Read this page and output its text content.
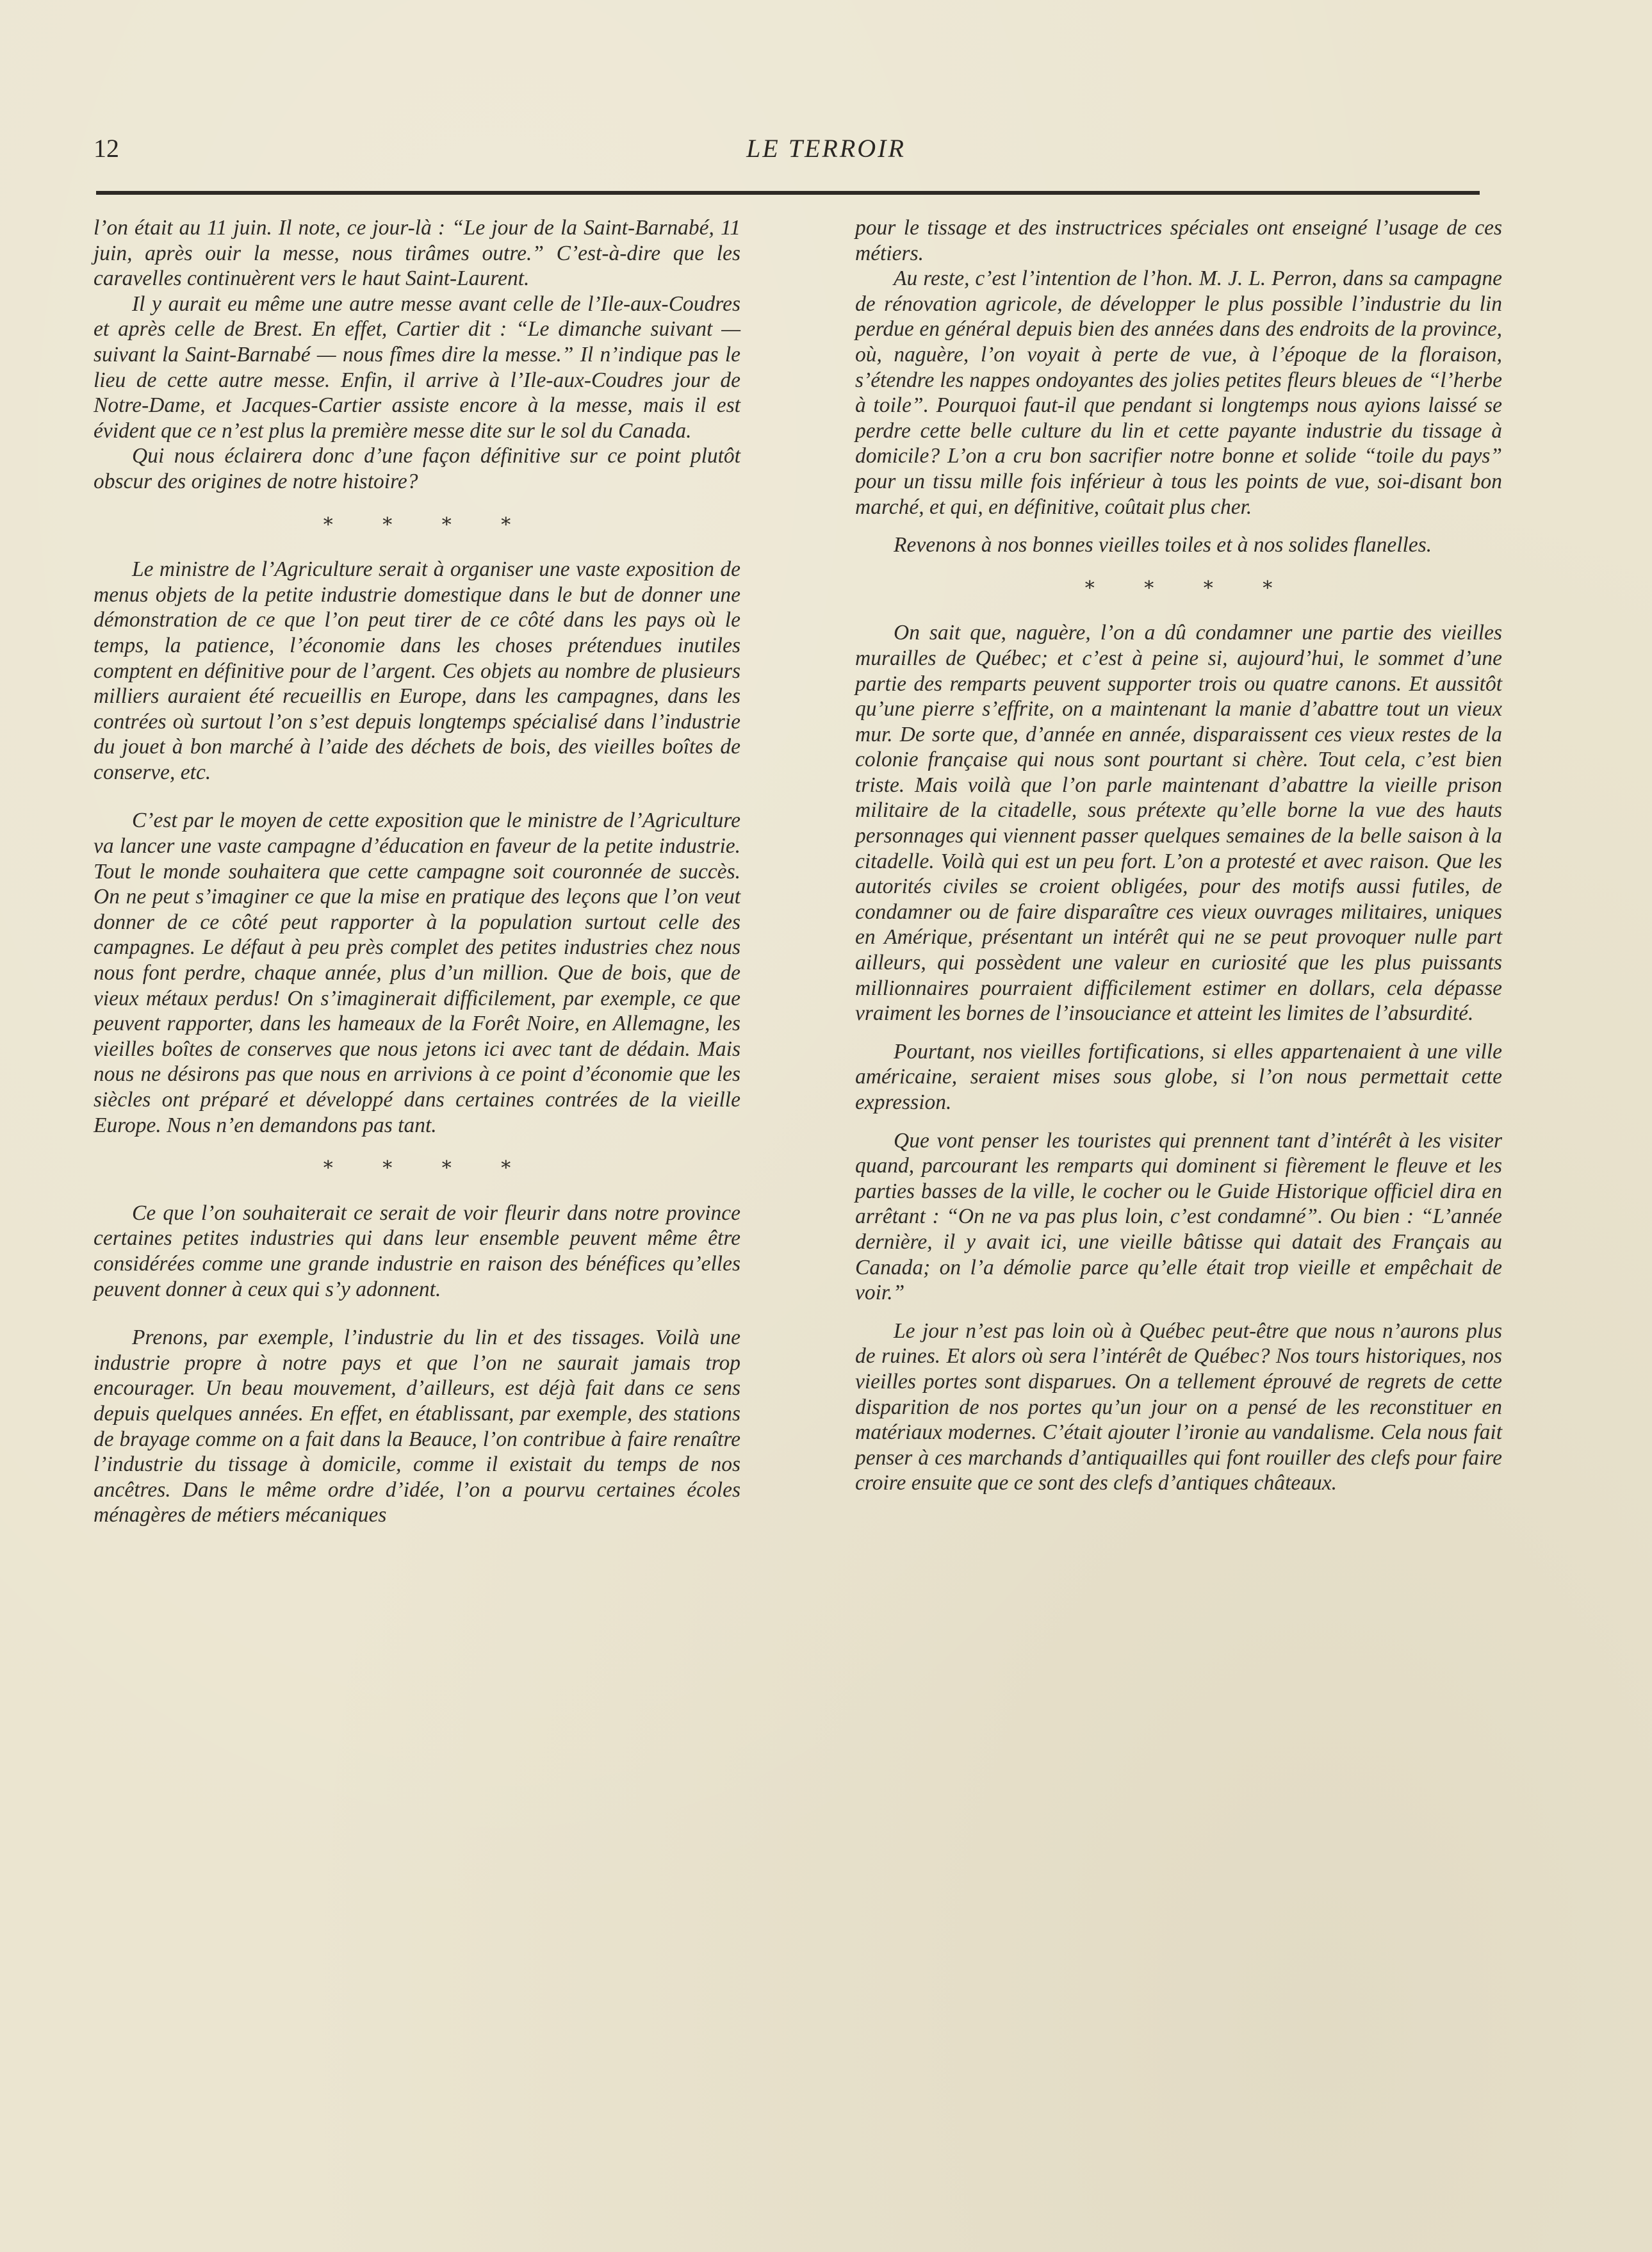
12	LE TERROIR

l’on était au 11 juin. Il note, ce jour-là : “Le jour de la Saint-Barnabé, 11 juin, après ouir la messe, nous tirâmes outre.” C’est-à-dire que les caravelles continuèrent vers le haut Saint-Laurent.

Il y aurait eu même une autre messe avant celle de l’Ile-aux-Coudres et après celle de Brest. En effet, Cartier dit : “Le dimanche suivant — suivant la Saint-Barnabé — nous fîmes dire la messe.” Il n’indique pas le lieu de cette autre messe. Enfin, il arrive à l’Ile-aux-Coudres jour de Notre-Dame, et Jacques-Cartier assiste encore à la messe, mais il est évident que ce n’est plus la première messe dite sur le sol du Canada.

Qui nous éclairera donc d’une façon définitive sur ce point plutôt obscur des origines de notre histoire?

* * * *

Le ministre de l’Agriculture serait à organiser une vaste exposition de menus objets de la petite industrie domestique dans le but de donner une démonstration de ce que l’on peut tirer de ce côté dans les pays où le temps, la patience, l’économie dans les choses prétendues inutiles comptent en définitive pour de l’argent. Ces objets au nombre de plusieurs milliers auraient été recueillis en Europe, dans les campagnes, dans les contrées où surtout l’on s’est depuis longtemps spécialisé dans l’industrie du jouet à bon marché à l’aide des déchets de bois, des vieilles boîtes de conserve, etc.

C’est par le moyen de cette exposition que le ministre de l’Agriculture va lancer une vaste campagne d’éducation en faveur de la petite industrie. Tout le monde souhaitera que cette campagne soit couronnée de succès. On ne peut s’imaginer ce que la mise en pratique des leçons que l’on veut donner de ce côté peut rapporter à la population surtout celle des campagnes. Le défaut à peu près complet des petites industries chez nous nous font perdre, chaque année, plus d’un million. Que de bois, que de vieux métaux perdus! On s’imaginerait difficilement, par exemple, ce que peuvent rapporter, dans les hameaux de la Forêt Noire, en Allemagne, les vieilles boîtes de conserves que nous jetons ici avec tant de dédain. Mais nous ne désirons pas que nous en arrivions à ce point d’économie que les siècles ont préparé et développé dans certaines contrées de la vieille Europe. Nous n’en demandons pas tant.

* * * *

Ce que l’on souhaiterait ce serait de voir fleurir dans notre province certaines petites industries qui dans leur ensemble peuvent même être considérées comme une grande industrie en raison des bénéfices qu’elles peuvent donner à ceux qui s’y adonnent.

Prenons, par exemple, l’industrie du lin et des tissages. Voilà une industrie propre à notre pays et que l’on ne saurait jamais trop encourager. Un beau mouvement, d’ailleurs, est déjà fait dans ce sens depuis quelques années. En effet, en établissant, par exemple, des stations de brayage comme on a fait dans la Beauce, l’on contribue à faire renaître l’industrie du tissage à domicile, comme il existait du temps de nos ancêtres. Dans le même ordre d’idée, l’on a pourvu certaines écoles ménagères de métiers mécaniques

pour le tissage et des instructrices spéciales ont enseigné l’usage de ces métiers.

Au reste, c’est l’intention de l’hon. M. J. L. Perron, dans sa campagne de rénovation agricole, de développer le plus possible l’industrie du lin perdue en général depuis bien des années dans des endroits de la province, où, naguère, l’on voyait à perte de vue, à l’époque de la floraison, s’étendre les nappes ondoyantes des jolies petites fleurs bleues de “l’herbe à toile”. Pourquoi faut-il que pendant si longtemps nous ayions laissé se perdre cette belle culture du lin et cette payante industrie du tissage à domicile? L’on a cru bon sacrifier notre bonne et solide “toile du pays” pour un tissu mille fois inférieur à tous les points de vue, soi-disant bon marché, et qui, en définitive, coûtait plus cher.

Revenons à nos bonnes vieilles toiles et à nos solides flanelles.

* * * *

On sait que, naguère, l’on a dû condamner une partie des vieilles murailles de Québec; et c’est à peine si, aujourd’hui, le sommet d’une partie des remparts peuvent supporter trois ou quatre canons. Et aussitôt qu’une pierre s’effrite, on a maintenant la manie d’abattre tout un vieux mur. De sorte que, d’année en année, disparaissent ces vieux restes de la colonie française qui nous sont pourtant si chère. Tout cela, c’est bien triste. Mais voilà que l’on parle maintenant d’abattre la vieille prison militaire de la citadelle, sous prétexte qu’elle borne la vue des hauts personnages qui viennent passer quelques semaines de la belle saison à la citadelle. Voilà qui est un peu fort. L’on a protesté et avec raison. Que les autorités civiles se croient obligées, pour des motifs aussi futiles, de condamner ou de faire disparaître ces vieux ouvrages militaires, uniques en Amérique, présentant un intérêt qui ne se peut provoquer nulle part ailleurs, qui possèdent une valeur en curiosité que les plus puissants millionnaires pourraient difficilement estimer en dollars, cela dépasse vraiment les bornes de l’insouciance et atteint les limites de l’absurdité.

Pourtant, nos vieilles fortifications, si elles appartenaient à une ville américaine, seraient mises sous globe, si l’on nous permettait cette expression.

Que vont penser les touristes qui prennent tant d’intérêt à les visiter quand, parcourant les remparts qui dominent si fièrement le fleuve et les parties basses de la ville, le cocher ou le Guide Historique officiel dira en arrêtant : “On ne va pas plus loin, c’est condamné”. Ou bien : “L’année dernière, il y avait ici, une vieille bâtisse qui datait des Français au Canada; on l’a démolie parce qu’elle était trop vieille et empêchait de voir.”

Le jour n’est pas loin où à Québec peut-être que nous n’aurons plus de ruines. Et alors où sera l’intérêt de Québec? Nos tours historiques, nos vieilles portes sont disparues. On a tellement éprouvé de regrets de cette disparition de nos portes qu’un jour on a pensé de les reconstituer en matériaux modernes. C’était ajouter l’ironie au vandalisme. Cela nous fait penser à ces marchands d’antiquailles qui font rouiller des clefs pour faire croire ensuite que ce sont des clefs d’antiques châteaux.
